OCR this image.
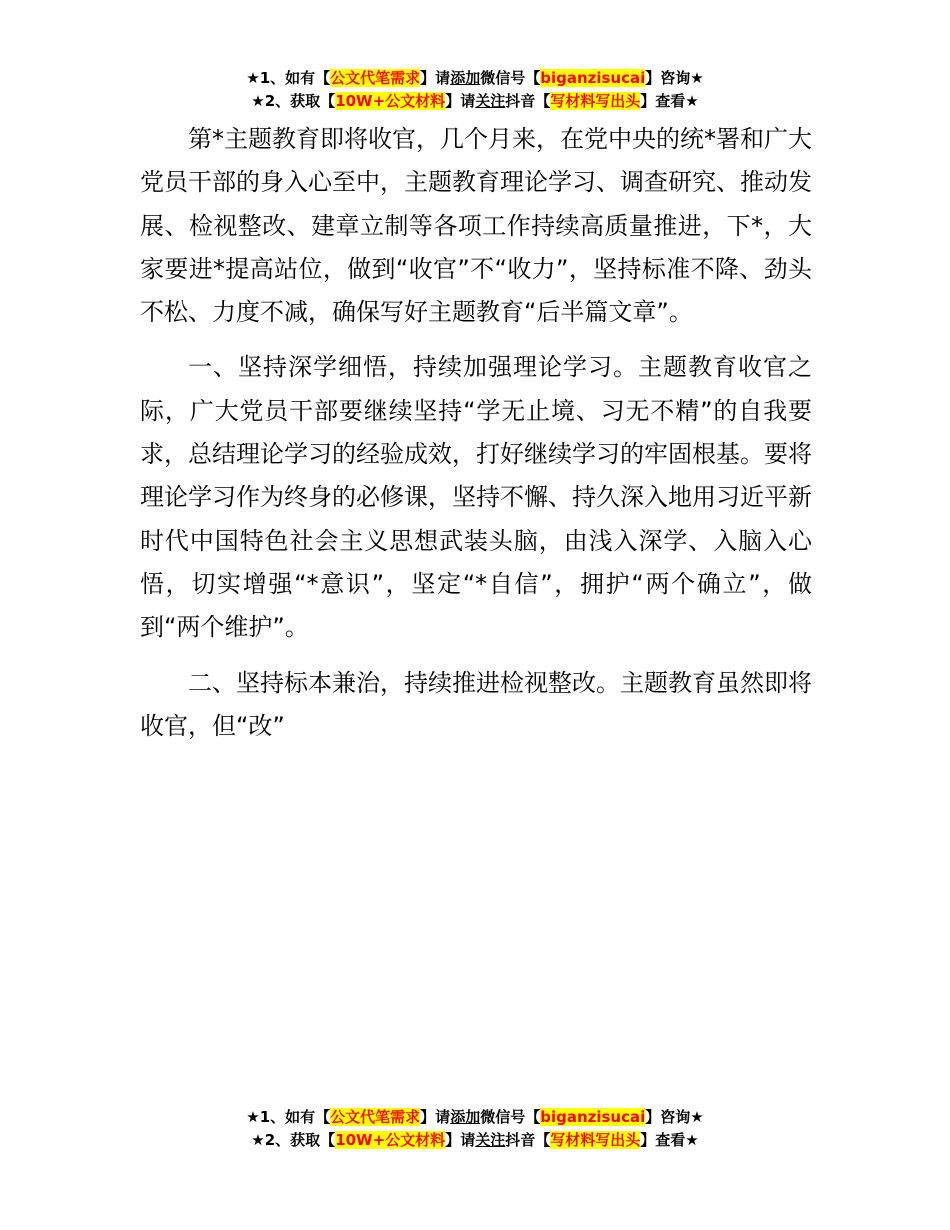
★1、如有【公文代笔需求】请添加微信号【biganzisucai】咨询★
★2、获取【10W+公文材料】请关注抖音【写材料写出头】查看★

第*主题教育即将收官，几个月来，在党中央的统*署和广大党员干部的身入心至中，主题教育理论学习、调查研究、推动发展、检视整改、建章立制等各项工作持续高质量推进，下*，大家要进*提高站位，做到“收官”不“收力”，坚持标准不降、劲头不松、力度不减，确保写好主题教育“后半篇文章”。

一、坚持深学细悟，持续加强理论学习。主题教育收官之际，广大党员干部要继续坚持“学无止境、习无不精”的自我要求，总结理论学习的经验成效，打好继续学习的牢固根基。要将理论学习作为终身的必修课，坚持不懈、持久深入地用习近平新时代中国特色社会主义思想武装头脑，由浅入深学、入脑入心悟，切实增强“*意识”，坚定“*自信”，拥护“两个确立”，做到“两个维护”。

二、坚持标本兼治，持续推进检视整改。主题教育虽然即将收官，但“改”

★1、如有【公文代笔需求】请添加微信号【biganzisucai】咨询★
★2、获取【10W+公文材料】请关注抖音【写材料写出头】查看★
